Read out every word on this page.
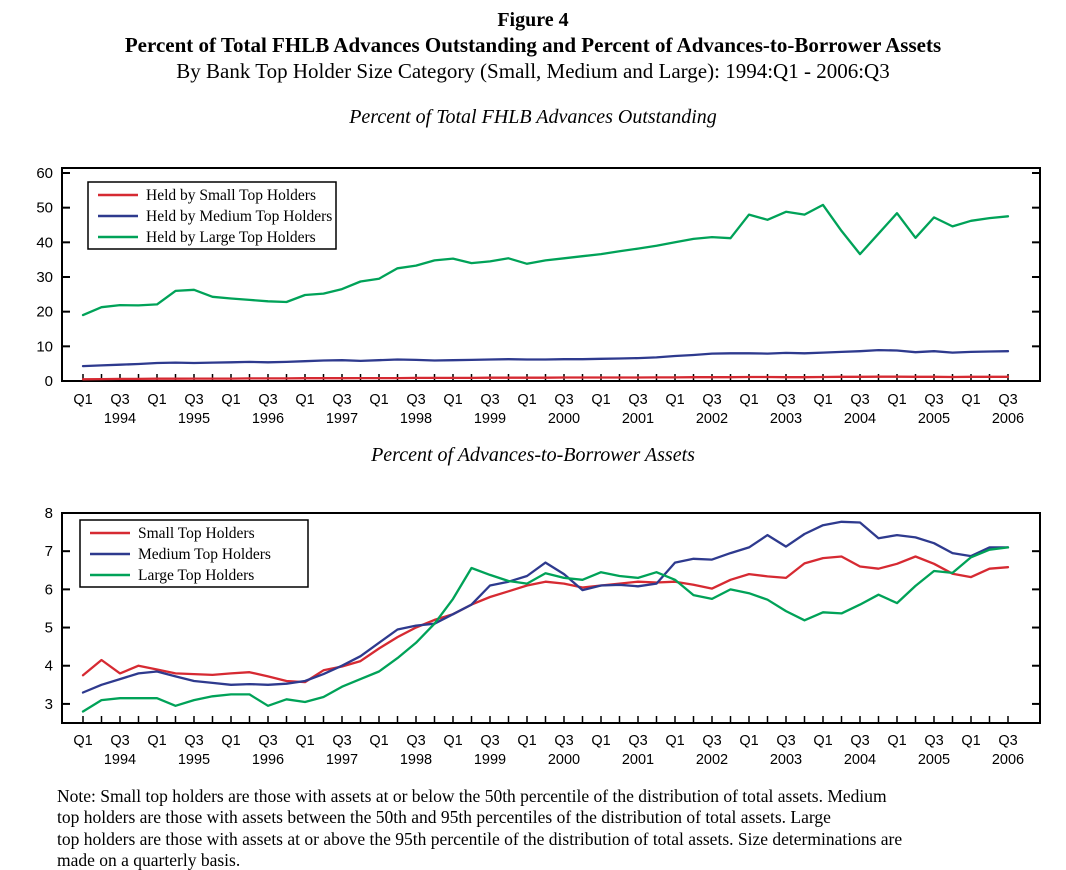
Figure 4
Percent of Total FHLB Advances Outstanding and Percent of Advances-to-Borrower Assets
By Bank Top Holder Size Category (Small, Medium and Large): 1994:Q1 - 2006:Q3
Percent of Total FHLB Advances Outstanding
0
10
20
30
40
50
60
Q1 Q3 Q1 Q3 Q1 Q3 Q1 Q3 Q1 Q3 Q1 Q3 Q1 Q3 Q1 Q3 Q1 Q3 Q1 Q3 Q1 Q3 Q1 Q3 Q1 Q3
1994	1995	1996	1997	1998	1999	2000	2001	2002	2003	2004	2005	2006
Held by Small Top Holders
Held by Medium Top Holders
Held by Large Top Holders
Percent of Advances-to-Borrower Assets
3
4
5
6
7
8
Q1 Q3 Q1 Q3 Q1 Q3 Q1 Q3 Q1 Q3 Q1 Q3 Q1 Q3 Q1 Q3 Q1 Q3 Q1 Q3 Q1 Q3 Q1 Q3 Q1 Q3
1994	1995	1996	1997	1998	1999	2000	2001	2002	2003	2004	2005	2006
Small Top Holders
Medium Top Holders
Large Top Holders
Note: Small top holders are those with assets at or below the 50th percentile of the distribution of total assets. Medium
top holders are those with assets between the 50th and 95th percentiles of the distribution of total assets. Large
top holders are those with assets at or above the 95th percentile of the distribution of total assets. Size determinations are
made on a quarterly basis.
